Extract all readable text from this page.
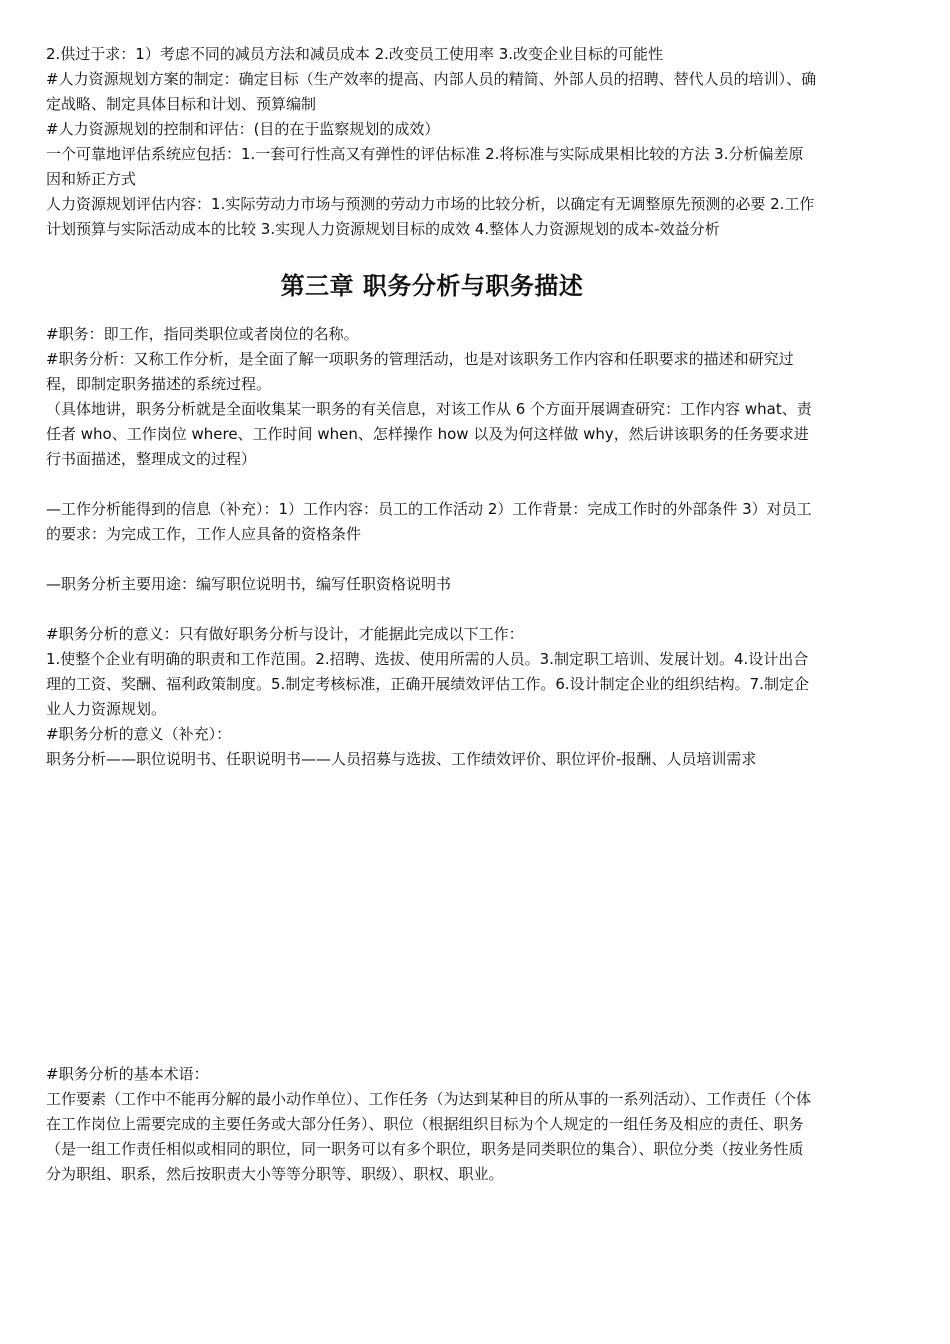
2.供过于求：1）考虑不同的减员方法和减员成本 2.改变员工使用率 3.改变企业目标的可能性

#人力资源规划方案的制定：确定目标（生产效率的提高、内部人员的精简、外部人员的招聘、替代人员的培训）、确定战略、制定具体目标和计划、预算编制

#人力资源规划的控制和评估：(目的在于监察规划的成效）

一个可靠地评估系统应包括：1.一套可行性高又有弹性的评估标准 2.将标准与实际成果相比较的方法 3.分析偏差原因和矫正方式

人力资源规划评估内容：1.实际劳动力市场与预测的劳动力市场的比较分析，以确定有无调整原先预测的必要 2.工作计划预算与实际活动成本的比较 3.实现人力资源规划目标的成效 4.整体人力资源规划的成本-效益分析

第三章 职务分析与职务描述

#职务：即工作，指同类职位或者岗位的名称。

#职务分析：又称工作分析，是全面了解一项职务的管理活动，也是对该职务工作内容和任职要求的描述和研究过程，即制定职务描述的系统过程。

（具体地讲，职务分析就是全面收集某一职务的有关信息，对该工作从 6 个方面开展调查研究：工作内容 what、责任者 who、工作岗位 where、工作时间 when、怎样操作 how 以及为何这样做 why，然后讲该职务的任务要求进行书面描述，整理成文的过程）

—工作分析能得到的信息（补充）：1）工作内容：员工的工作活动 2）工作背景：完成工作时的外部条件 3）对员工的要求：为完成工作，工作人应具备的资格条件

—职务分析主要用途：编写职位说明书，编写任职资格说明书

#职务分析的意义：只有做好职务分析与设计，才能据此完成以下工作：

1.使整个企业有明确的职责和工作范围。2.招聘、选拔、使用所需的人员。3.制定职工培训、发展计划。4.设计出合理的工资、奖酬、福利政策制度。5.制定考核标准，正确开展绩效评估工作。6.设计制定企业的组织结构。7.制定企业人力资源规划。

#职务分析的意义（补充）：

职务分析——职位说明书、任职说明书——人员招募与选拔、工作绩效评价、职位评价-报酬、人员培训需求

#职务分析的基本术语：

工作要素（工作中不能再分解的最小动作单位）、工作任务（为达到某种目的所从事的一系列活动）、工作责任（个体在工作岗位上需要完成的主要任务或大部分任务）、职位（根据组织目标为个人规定的一组任务及相应的责任、职务（是一组工作责任相似或相同的职位，同一职务可以有多个职位，职务是同类职位的集合）、职位分类（按业务性质分为职组、职系，然后按职责大小等等分职等、职级）、职权、职业。
